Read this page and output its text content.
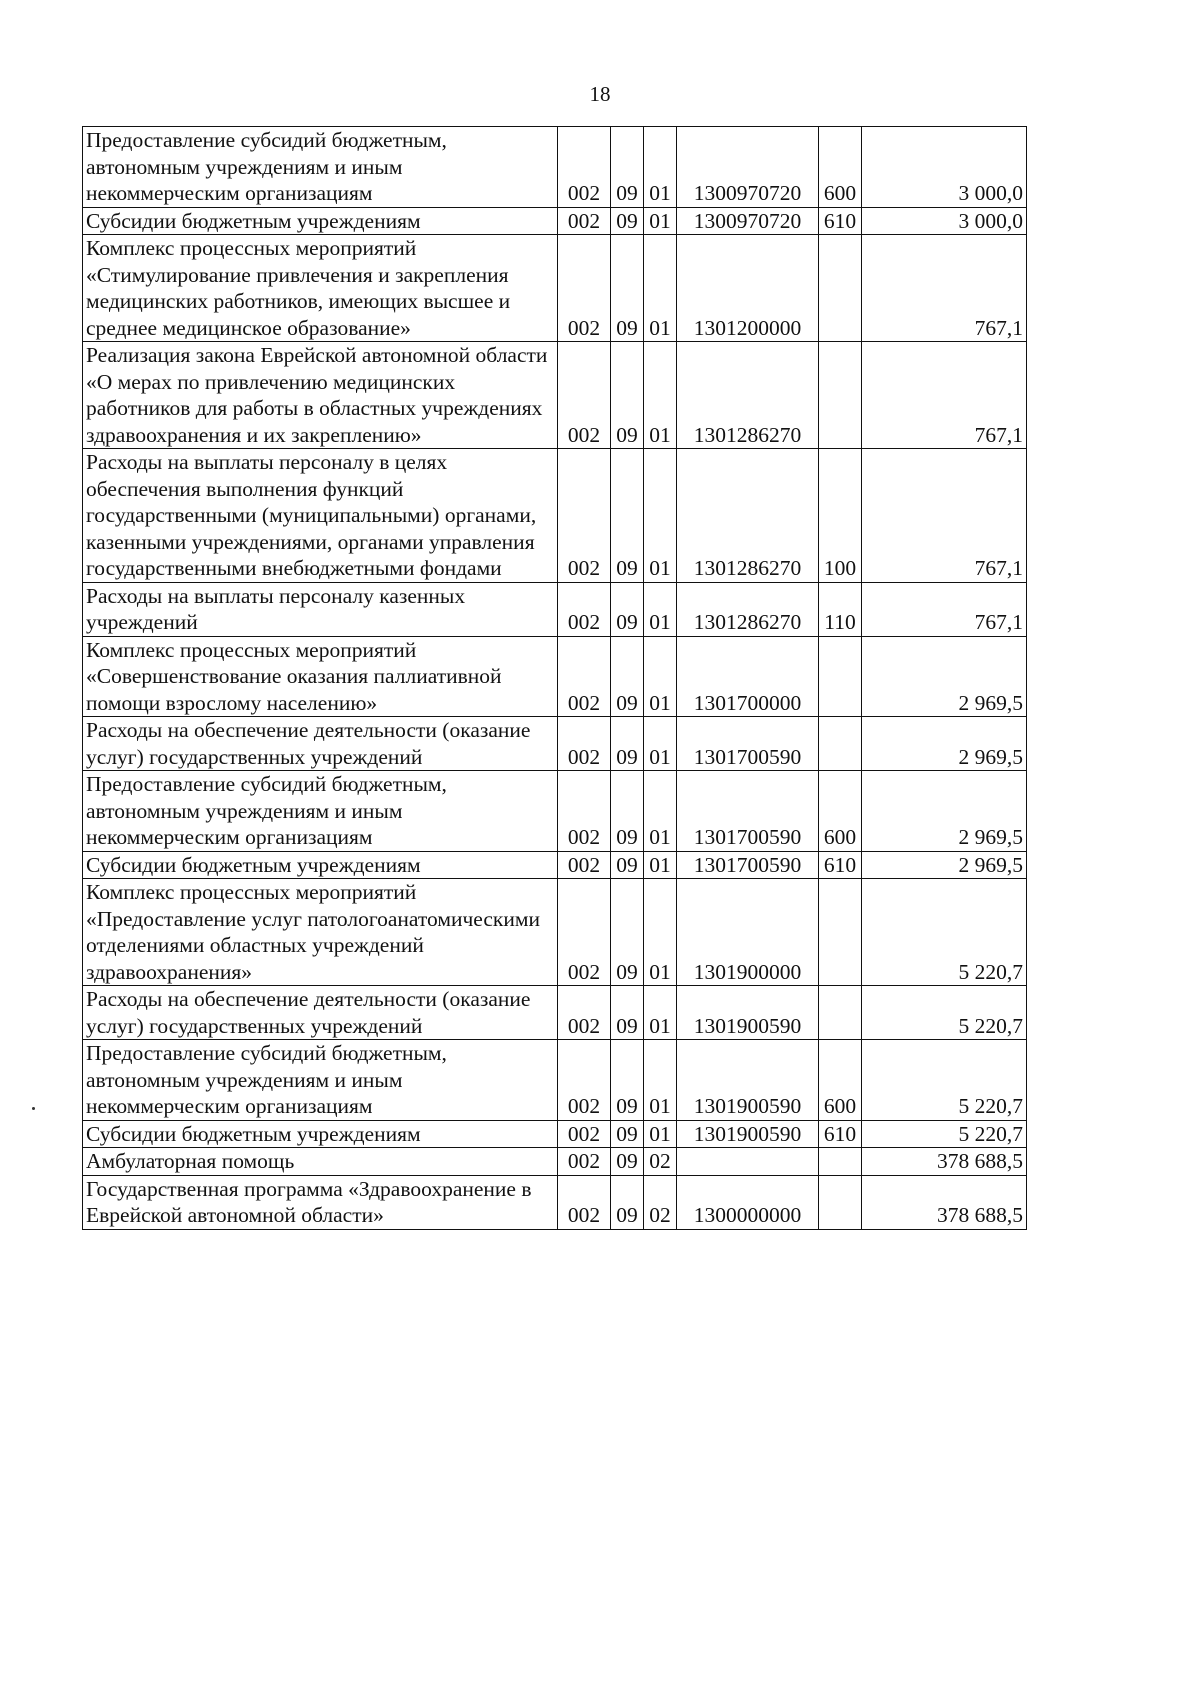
18
Предоставление субсидий бюджетным, автономным учреждениям и иным некоммерческим организациям	002	09	01	1300970720	600	3 000,0
Субсидии бюджетным учреждениям	002	09	01	1300970720	610	3 000,0
Комплекс процессных мероприятий «Стимулирование привлечения и закрепления медицинских работников, имеющих высшее и среднее медицинское образование»	002	09	01	1301200000		767,1
Реализация закона Еврейской автономной области «О мерах по привлечению медицинских работников для работы в областных учреждениях здравоохранения и их закреплению»	002	09	01	1301286270		767,1
Расходы на выплаты персоналу в целях обеспечения выполнения функций государственными (муниципальными) органами, казенными учреждениями, органами управления государственными внебюджетными фондами	002	09	01	1301286270	100	767,1
Расходы на выплаты персоналу казенных учреждений	002	09	01	1301286270	110	767,1
Комплекс процессных мероприятий «Совершенствование оказания паллиативной помощи взрослому населению»	002	09	01	1301700000		2 969,5
Расходы на обеспечение деятельности (оказание услуг) государственных учреждений	002	09	01	1301700590		2 969,5
Предоставление субсидий бюджетным, автономным учреждениям и иным некоммерческим организациям	002	09	01	1301700590	600	2 969,5
Субсидии бюджетным учреждениям	002	09	01	1301700590	610	2 969,5
Комплекс процессных мероприятий «Предоставление услуг патологоанатомическими отделениями областных учреждений здравоохранения»	002	09	01	1301900000		5 220,7
Расходы на обеспечение деятельности (оказание услуг) государственных учреждений	002	09	01	1301900590		5 220,7
Предоставление субсидий бюджетным, автономным учреждениям и иным некоммерческим организациям	002	09	01	1301900590	600	5 220,7
Субсидии бюджетным учреждениям	002	09	01	1301900590	610	5 220,7
Амбулаторная помощь	002	09	02			378 688,5
Государственная программа «Здравоохранение в Еврейской автономной области»	002	09	02	1300000000		378 688,5
